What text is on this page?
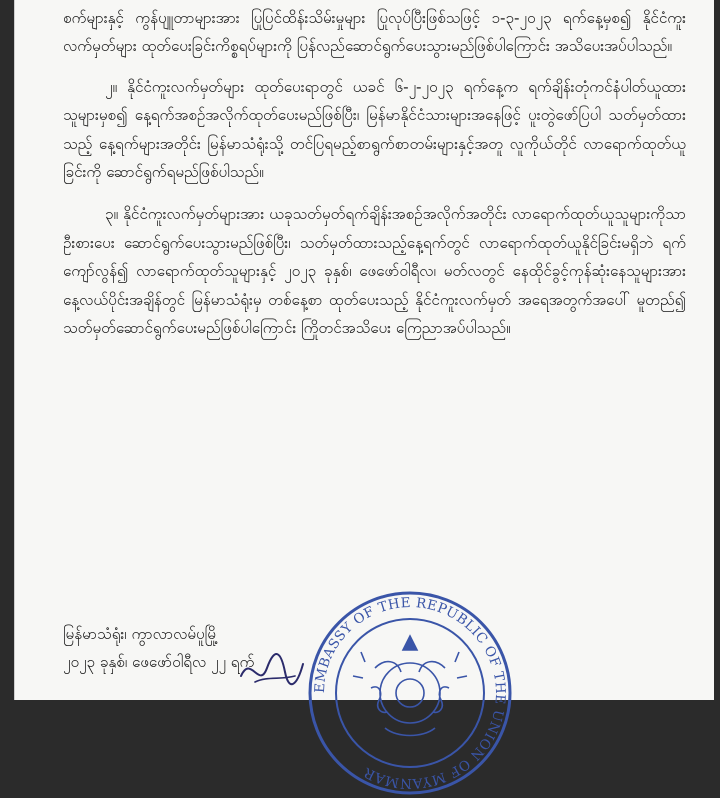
စက်များနှင့် ကွန်ပျူတာများအား ပြုပြင်ထိန်းသိမ်းမှုများ ပြုလုပ်ပြီးဖြစ်သဖြင့် ၁-၃-၂၀၂၃ ရက်နေ့မှစ၍ နိုင်ငံကူးလက်မှတ်များ ထုတ်ပေးခြင်းကိစ္စရပ်များကို ပြန်လည်ဆောင်ရွက်ပေးသွားမည်ဖြစ်ပါကြောင်း အသိပေးအပ်ပါသည်။

၂။ နိုင်ငံကူးလက်မှတ်များ ထုတ်ပေးရာတွင် ယခင် ၆-၂-၂၀၂၃ ရက်နေ့က ရက်ချိန်းတုံကင်နံပါတ်ယူထားသူများမှစ၍ နေ့ရက်အစဉ်အလိုက်ထုတ်ပေးမည်ဖြစ်ပြီး၊ မြန်မာနိုင်ငံသားများအနေဖြင့် ပူးတွဲဖော်ပြပါ သတ်မှတ်ထားသည့် နေ့ရက်များအတိုင်း မြန်မာသံရုံးသို့ တင်ပြရမည့်စာရွက်စာတမ်းများနှင့်အတူ လူကိုယ်တိုင် လာရောက်ထုတ်ယူခြင်းကို ဆောင်ရွက်ရမည်ဖြစ်ပါသည်။

၃။ နိုင်ငံကူးလက်မှတ်များအား ယခုသတ်မှတ်ရက်ချိန်းအစဉ်အလိုက်အတိုင်း လာရောက်ထုတ်ယူသူများကိုသာ ဦးစားပေး ဆောင်ရွက်ပေးသွားမည်ဖြစ်ပြီး၊ သတ်မှတ်ထားသည့်နေ့ရက်တွင် လာရောက်ထုတ်ယူနိုင်ခြင်းမရှိဘဲ ရက်ကျော်လွန်၍ လာရောက်ထုတ်သူများနှင့် ၂၀၂၃ ခုနှစ်၊ ဖေဖော်ဝါရီလ၊ မတ်လတွင် နေထိုင်ခွင့်ကုန်ဆုံးနေသူများအား နေ့လယ်ပိုင်းအချိန်တွင် မြန်မာသံရုံးမှ တစ်နေ့စာ ထုတ်ပေးသည့် နိုင်ငံကူးလက်မှတ် အရေအတွက်အပေါ် မူတည်၍ သတ်မှတ်ဆောင်ရွက်ပေးမည်ဖြစ်ပါကြောင်း ကြိုတင်အသိပေး ကြေညာအပ်ပါသည်။

မြန်မာသံရုံး၊ ကွာလာလမ်ပူမြို့
၂၀၂၃ ခုနှစ်၊ ဖေဖော်ဝါရီလ ၂၂ ရက်
EMBASSY OF THE REPUBLIC OF THE UNION OF MYANMAR
